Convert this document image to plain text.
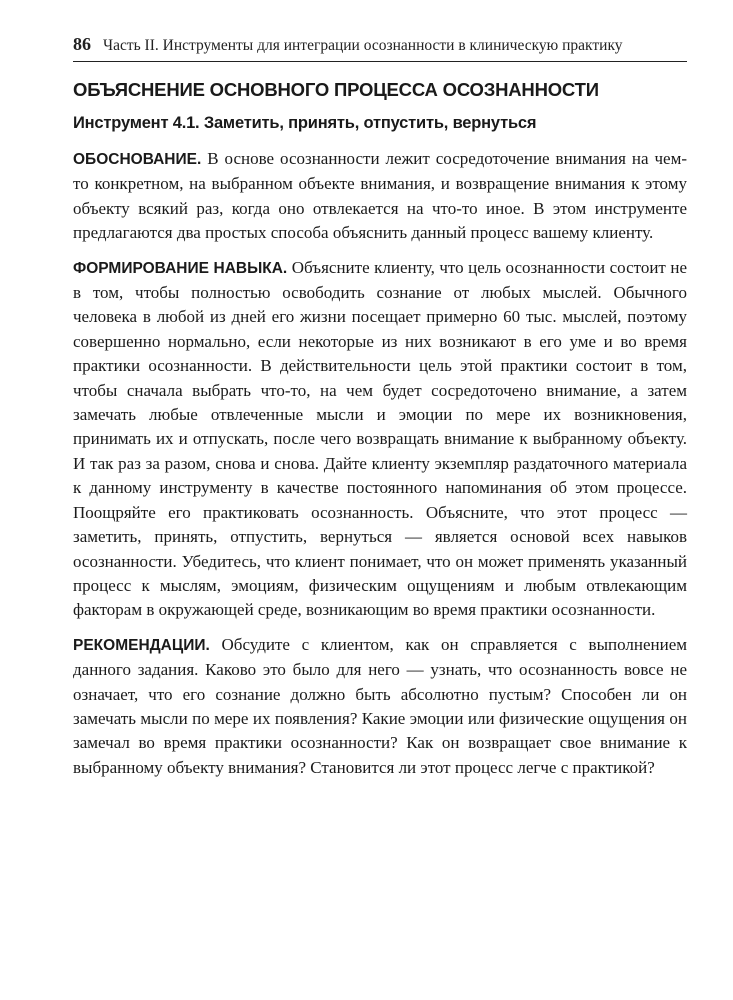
86 Часть II. Инструменты для интеграции осознанности в клиническую практику
ОБЪЯСНЕНИЕ ОСНОВНОГО ПРОЦЕССА ОСОЗНАННОСТИ
Инструмент 4.1. Заметить, принять, отпустить, вернуться

ОБОСНОВАНИЕ. В основе осознанности лежит сосредоточение внимания на чем-то конкретном, на выбранном объекте внимания, и возвращение внимания к этому объекту всякий раз, когда оно отвлекается на что-то иное. В этом инструменте предлагаются два простых способа объяснить данный процесс вашему клиенту.

ФОРМИРОВАНИЕ НАВЫКА. Объясните клиенту, что цель осознанности состоит не в том, чтобы полностью освободить сознание от любых мыслей. Обычного человека в любой из дней его жизни посещает примерно 60 тыс. мыслей, поэтому совершенно нормально, если некоторые из них возникают в его уме и во время практики осознанности. В действительности цель этой практики состоит в том, чтобы сначала выбрать что-то, на чем будет сосредоточено внимание, а затем замечать любые отвлеченные мысли и эмоции по мере их возникновения, принимать их и отпускать, после чего возвращать внимание к выбранному объекту. И так раз за разом, снова и снова. Дайте клиенту экземпляр раздаточного материала к данному инструменту в качестве постоянного напоминания об этом процессе. Поощряйте его практиковать осознанность. Объясните, что этот процесс — заметить, принять, отпустить, вернуться — является основой всех навыков осознанности. Убедитесь, что клиент понимает, что он может применять указанный процесс к мыслям, эмоциям, физическим ощущениям и любым отвлекающим факторам в окружающей среде, возникающим во время практики осознанности.

РЕКОМЕНДАЦИИ. Обсудите с клиентом, как он справляется с выполнением данного задания. Каково это было для него — узнать, что осознанность вовсе не означает, что его сознание должно быть абсолютно пустым? Способен ли он замечать мысли по мере их появления? Какие эмоции или физические ощущения он замечал во время практики осознанности? Как он возвращает свое внимание к выбранному объекту внимания? Становится ли этот процесс легче с практикой?
